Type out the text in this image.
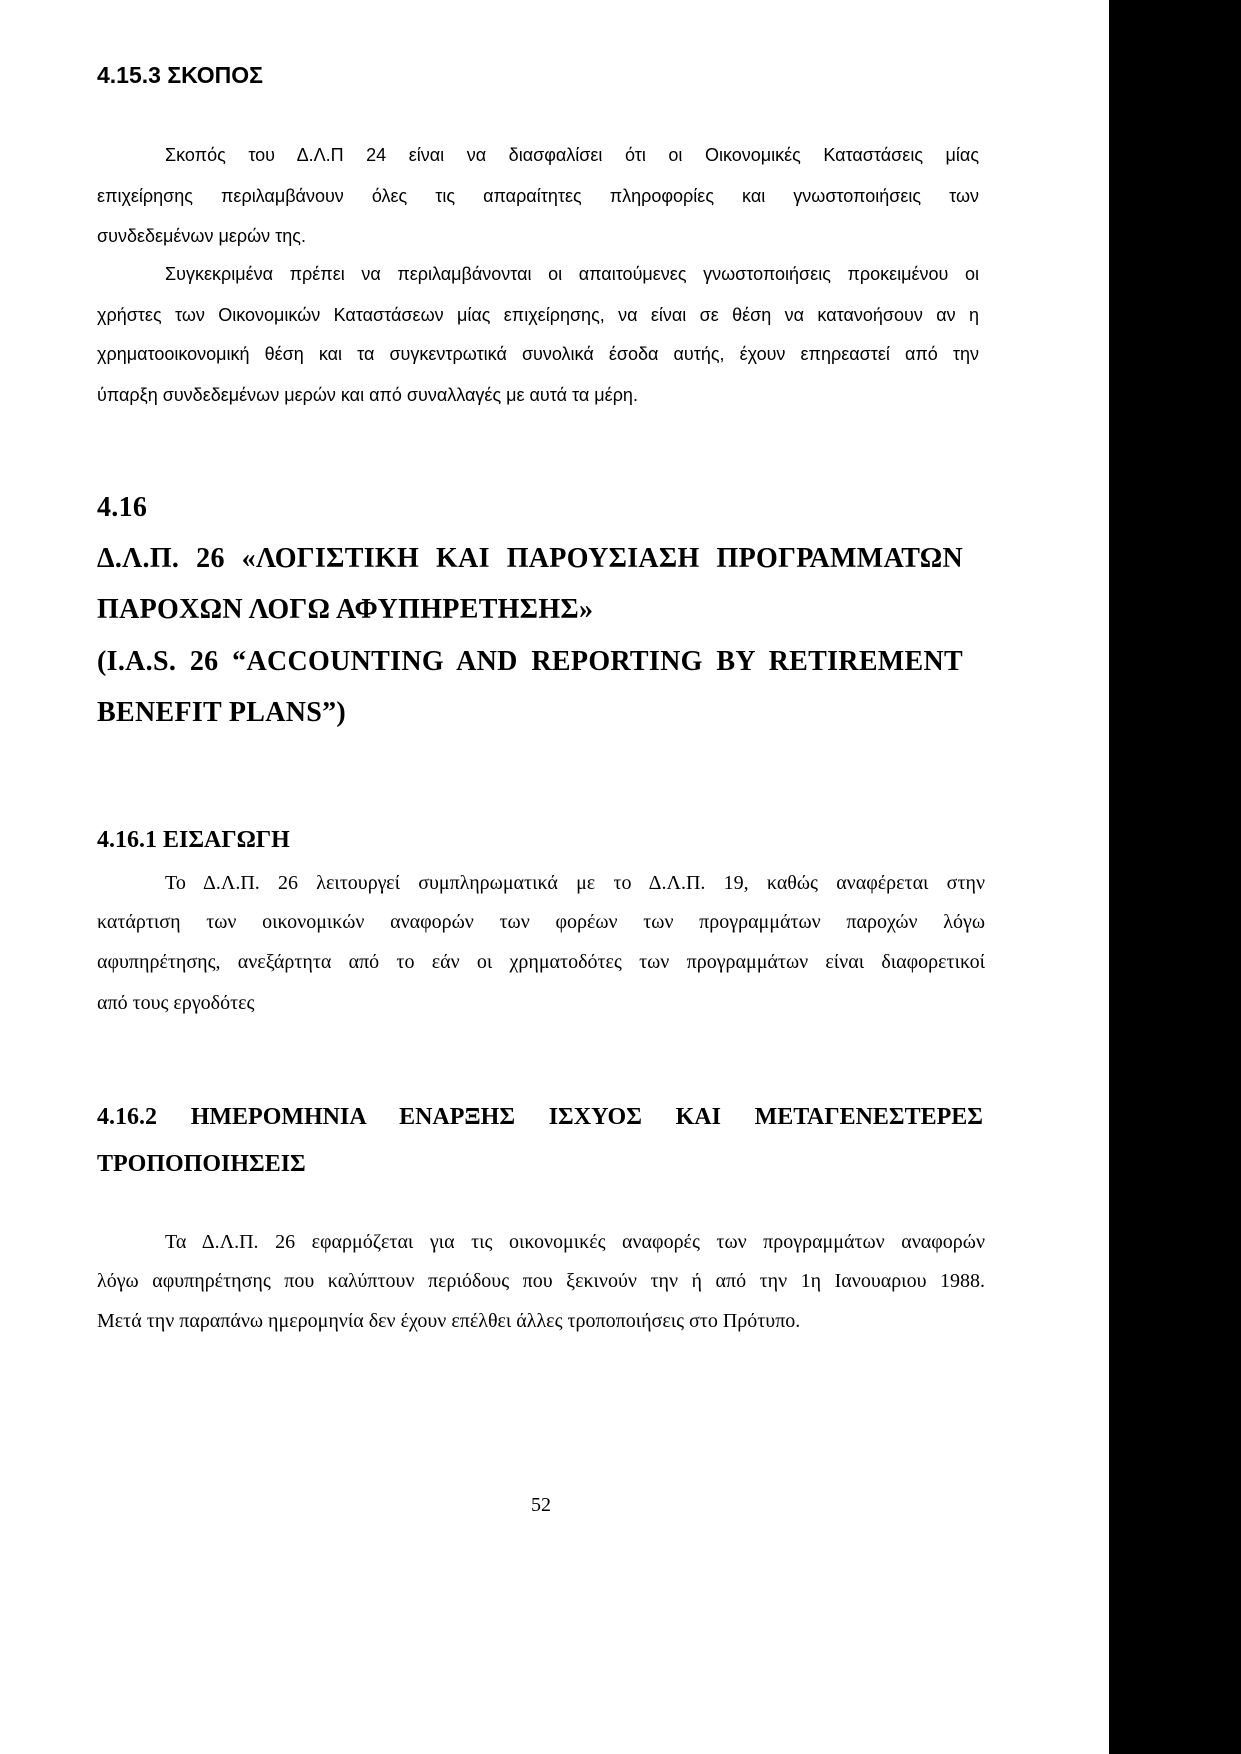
4.15.3 ΣΚΟΠΟΣ

Σκοπός του Δ.Λ.Π 24 είναι να διασφαλίσει ότι οι Οικονομικές Καταστάσεις μίας

επιχείρησης περιλαμβάνουν όλες τις απαραίτητες πληροφορίες και γνωστοποιήσεις των

συνδεδεμένων μερών της.

Συγκεκριμένα πρέπει να περιλαμβάνονται οι απαιτούμενες γνωστοποιήσεις προκειμένου οι

χρήστες των Οικονομικών Καταστάσεων μίας επιχείρησης, να είναι σε θέση να κατανοήσουν αν η

χρηματοοικονομική θέση και τα συγκεντρωτικά συνολικά έσοδα αυτής, έχουν επηρεαστεί από την

ύπαρξη συνδεδεμένων μερών και από συναλλαγές με αυτά τα μέρη.

4.16
Δ.Λ.Π. 26 «ΛΟΓΙΣΤΙΚΗ ΚΑΙ ΠΑΡΟΥΣΙΑΣΗ ΠΡΟΓΡΑΜΜΑΤΩΝ
ΠΑΡΟΧΩΝ ΛΟΓΩ ΑΦΥΠΗΡΕΤΗΣΗΣ»
(I.A.S. 26 “ACCOUNTING AND REPORTING BY RETIREMENT
BENEFIT PLANS”)
4.16.1 ΕΙΣΑΓΩΓΗ

Το Δ.Λ.Π. 26 λειτουργεί συμπληρωματικά με το Δ.Λ.Π. 19, καθώς αναφέρεται στην

κατάρτιση των οικονομικών αναφορών των φορέων των προγραμμάτων παροχών λόγω

αφυπηρέτησης, ανεξάρτητα από το εάν οι χρηματοδότες των προγραμμάτων είναι διαφορετικοί

από τους εργοδότες

4.16.2 ΗΜΕΡΟΜΗΝΙΑ ΕΝΑΡΞΗΣ ΙΣΧΥΟΣ ΚΑΙ ΜΕΤΑΓΕΝΕΣΤΕΡΕΣ
ΤΡΟΠΟΠΟΙΗΣΕΙΣ

Τα Δ.Λ.Π. 26 εφαρμόζεται για τις οικονομικές αναφορές των προγραμμάτων αναφορών

λόγω αφυπηρέτησης που καλύπτουν περιόδους που ξεκινούν την ή από την 1η Ιανουαριου 1988.

Μετά την παραπάνω ημερομηνία δεν έχουν επέλθει άλλες τροποποιήσεις στο Πρότυπο.

52
